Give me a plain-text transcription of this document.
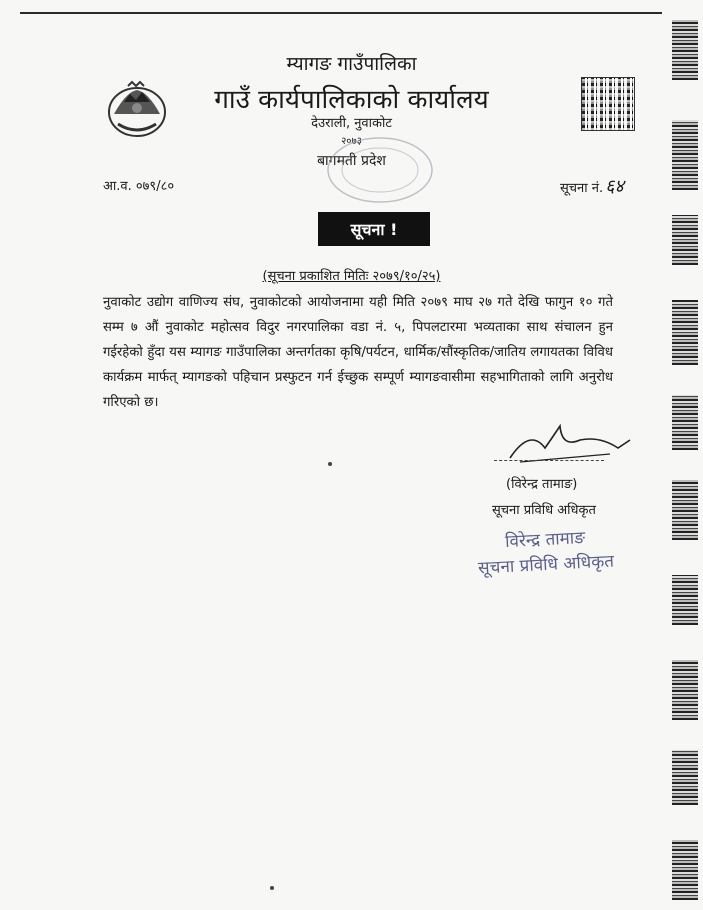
म्यागङ गाउँपालिका
गाउँ कार्यपालिकाको कार्यालय
देउराली, नुवाकोट
२०७३
बागमती प्रदेश
आ.व. ०७९/८०	सूचना नं. ६४
सूचना !
(सूचना प्रकाशित मितिः २०७९/१०/२५)
नुवाकोट उद्योग वाणिज्य संघ, नुवाकोटको आयोजनामा यही मिति २०७९ माघ २७ गते देखि फागुन १० गते सम्म ७ औं नुवाकोट महोत्सव विदुर नगरपालिका वडा नं. ५, पिपलटारमा भव्यताका साथ संचालन हुन गईरहेको हुँदा यस म्यागङ गाउँपालिका अन्तर्गतका कृषि/पर्यटन, धार्मिक/सौंस्कृतिक/जातिय लगायतका विविध कार्यक्रम मार्फत् म्यागङको पहिचान प्रस्फुटन गर्न ईच्छुक सम्पूर्ण म्यागङवासीमा सहभागिताको लागि अनुरोध गरिएको छ।
(विरेन्द्र तामाङ)
सूचना प्रविधि अधिकृत
विरेन्द्र तामाङ
सूचना प्रविधि अधिकृत
